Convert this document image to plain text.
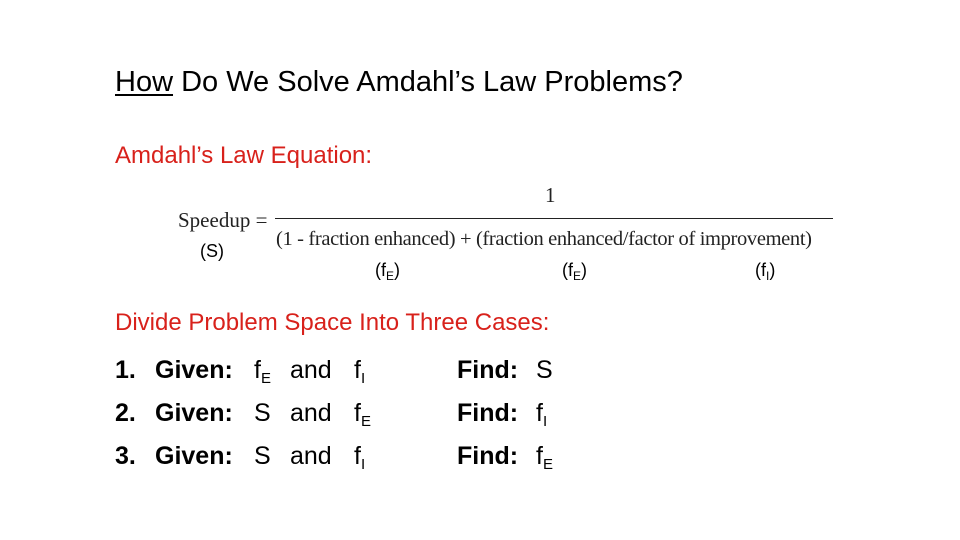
How Do We Solve Amdahl’s Law Problems?
Amdahl’s Law Equation:
Speedup =
1
(1 - fraction enhanced) + (fraction enhanced/factor of improvement)
(S)
$(f_E)$	$(f_E)$	$(f_I)$
Divide Problem Space Into Three Cases:
1. Given: $f_E$ and $f_I$	Find: S
2. Given: S and $f_E$	Find: $f_I$
3. Given: S and $f_I$	Find: $f_E$
